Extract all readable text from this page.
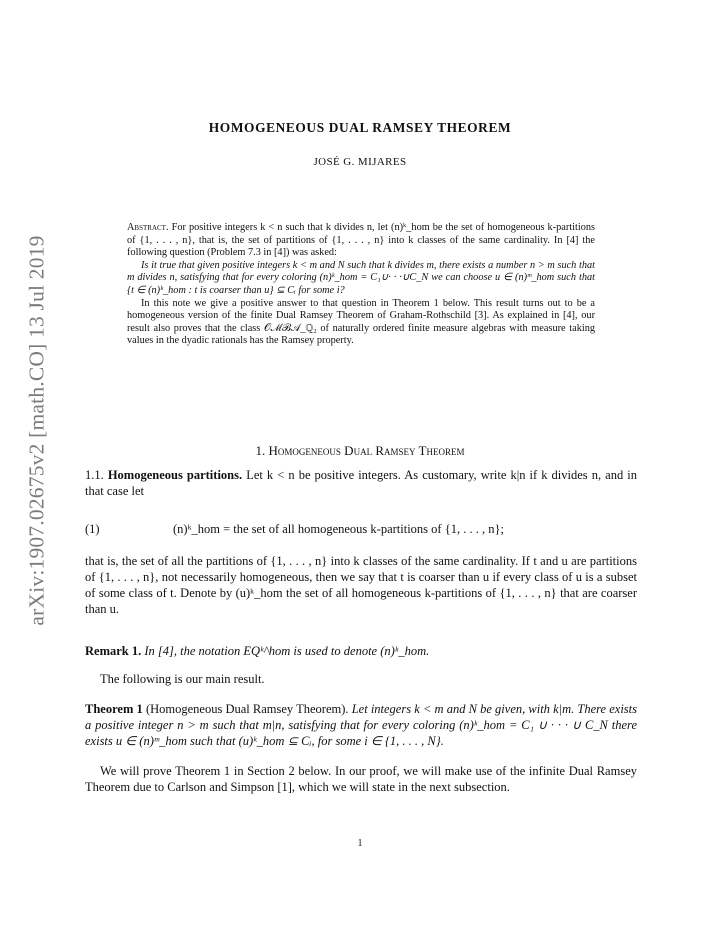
arXiv:1907.02675v2 [math.CO] 13 Jul 2019
HOMOGENEOUS DUAL RAMSEY THEOREM
JOSÉ G. MIJARES

Abstract. For positive integers k < n such that k divides n, let (n)ᵏ_hom be the set of homogeneous k-partitions of {1, . . . , n}, that is, the set of partitions of {1, . . . , n} into k classes of the same cardinality. In [4] the following question (Problem 7.3 in [4]) was asked:

Is it true that given positive integers k < m and N such that k divides m, there exists a number n > m such that m divides n, satisfying that for every coloring (n)ᵏ_hom = C₁∪· · ·∪C_N we can choose u ∈ (n)ᵐ_hom such that {t ∈ (n)ᵏ_hom : t is coarser than u} ⊆ Cᵢ for some i?

In this note we give a positive answer to that question in Theorem 1 below. This result turns out to be a homogeneous version of the finite Dual Ramsey Theorem of Graham-Rothschild [3]. As explained in [4], our result also proves that the class 𝒪ℳℬ𝒜_ℚ₂ of naturally ordered finite measure algebras with measure taking values in the dyadic rationals has the Ramsey property.

1. Homogeneous Dual Ramsey Theorem

1.1. Homogeneous partitions. Let k < n be positive integers. As customary, write k|n if k divides n, and in that case let

(1)	(n)ᵏ_hom = the set of all homogeneous k-partitions of {1, . . . , n};

that is, the set of all the partitions of {1, . . . , n} into k classes of the same cardinality. If t and u are partitions of {1, . . . , n}, not necessarily homogeneous, then we say that t is coarser than u if every class of u is a subset of some class of t. Denote by (u)ᵏ_hom the set of all homogeneous k-partitions of {1, . . . , n} that are coarser than u.

Remark 1. In [4], the notation EQᵏ^hom is used to denote (n)ᵏ_hom.

The following is our main result.

Theorem 1 (Homogeneous Dual Ramsey Theorem). Let integers k < m and N be given, with k|m. There exists a positive integer n > m such that m|n, satisfying that for every coloring (n)ᵏ_hom = C₁ ∪ · · · ∪ C_N there exists u ∈ (n)ᵐ_hom such that (u)ᵏ_hom ⊆ Cᵢ, for some i ∈ {1, . . . , N}.

We will prove Theorem 1 in Section 2 below. In our proof, we will make use of the infinite Dual Ramsey Theorem due to Carlson and Simpson [1], which we will state in the next subsection.

1
